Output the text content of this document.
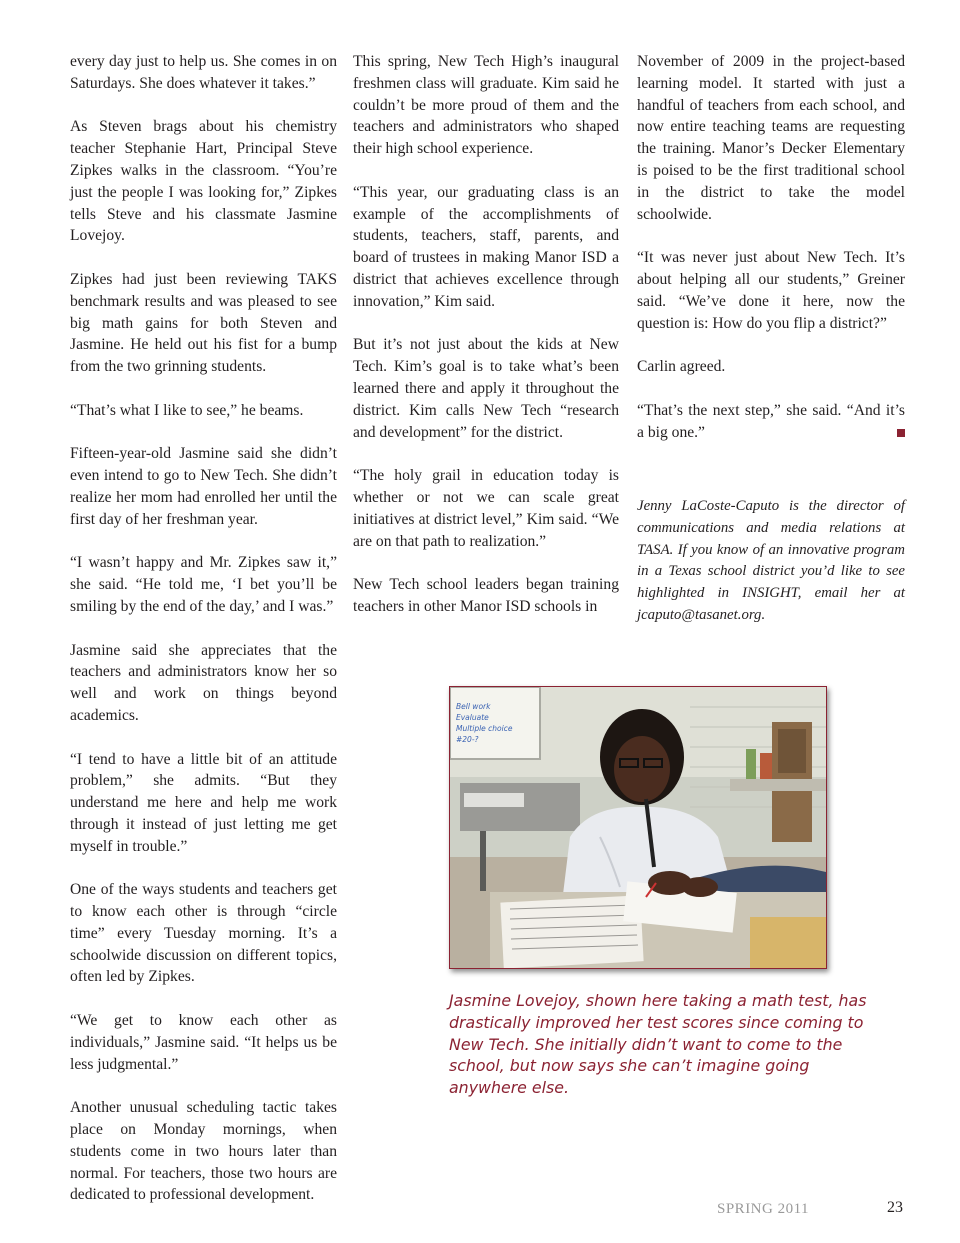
every day just to help us. She comes in on Saturdays. She does whatever it takes.”

As Steven brags about his chemistry teacher Stephanie Hart, Principal Steve Zipkes walks in the classroom. “You’re just the people I was looking for,” Zipkes tells Steve and his classmate Jasmine Lovejoy.

Zipkes had just been reviewing TAKS benchmark results and was pleased to see big math gains for both Steven and Jasmine. He held out his fist for a bump from the two grinning students.

“That’s what I like to see,” he beams.

Fifteen-year-old Jasmine said she didn’t even intend to go to New Tech. She didn’t realize her mom had enrolled her until the first day of her freshman year.

“I wasn’t happy and Mr. Zipkes saw it,” she said. “He told me, ‘I bet you’ll be smiling by the end of the day,’ and I was.”

Jasmine said she appreciates that the teachers and administrators know her so well and work on things beyond academics.

“I tend to have a little bit of an attitude problem,” she admits. “But they understand me here and help me work through it instead of just letting me get myself in trouble.”

One of the ways students and teachers get to know each other is through “circle time” every Tuesday morning. It’s a schoolwide discussion on different topics, often led by Zipkes.

“We get to know each other as individuals,” Jasmine said. “It helps us be less judgmental.”

Another unusual scheduling tactic takes place on Monday mornings, when students come in two hours later than normal. For teachers, those two hours are dedicated to professional development.

This spring, New Tech High’s inaugural freshmen class will graduate. Kim said he couldn’t be more proud of them and the teachers and administrators who shaped their high school experience.

“This year, our graduating class is an example of the accomplishments of students, teachers, staff, parents, and board of trustees in making Manor ISD a district that achieves excellence through innovation,” Kim said.

But it’s not just about the kids at New Tech. Kim’s goal is to take what’s been learned there and apply it throughout the district. Kim calls New Tech “research and development” for the district.

“The holy grail in education today is whether or not we can scale great initiatives at district level,” Kim said. “We are on that path to realization.”

New Tech school leaders began training teachers in other Manor ISD schools in

November of 2009 in the project-based learning model. It started with just a handful of teachers from each school, and now entire teaching teams are requesting the training. Manor’s Decker Elementary is poised to be the first traditional school in the district to take the model schoolwide.

“It was never just about New Tech. It’s about helping all our students,” Greiner said. “We’ve done it here, now the question is: How do you flip a district?”

Carlin agreed.

“That’s the next step,” she said. “And it’s a big one.”

Jenny LaCoste-Caputo is the director of communications and media relations at TASA. If you know of an innovative program in a Texas school district you’d like to see highlighted in INSIGHT, email her at jcaputo@tasanet.org.

Bell work
Evaluate
Multiple choice
#20-?

Jasmine Lovejoy, shown here taking a math test, has drastically improved her test scores since coming to New Tech. She initially didn’t want to come to the school, but now says she can’t imagine going anywhere else.

SPRING 2011	23
